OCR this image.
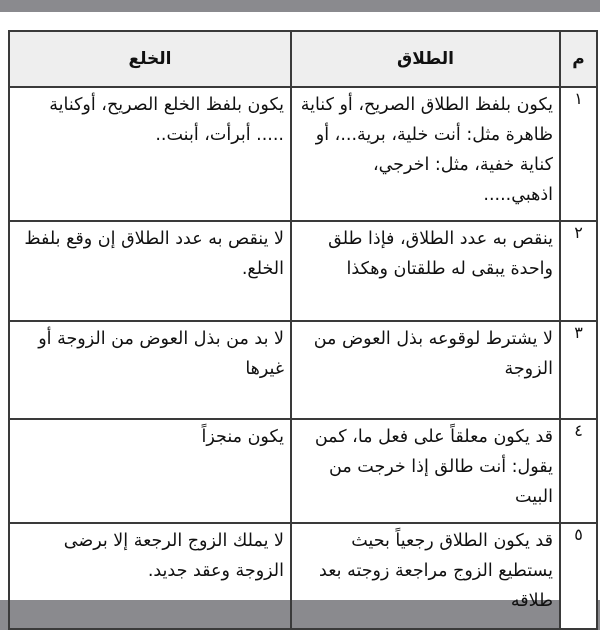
م	الطلاق	الخلع
١	يكون بلفظ الطلاق الصريح، أو كناية ظاهرة مثل: أنت خلية، برية...، أو كناية خفية، مثل: اخرجي، اذهبي.....	يكون بلفظ الخلع الصريح، أوكناية ..... أبرأت، أبنت..
٢	ينقص به عدد الطلاق، فإذا طلق واحدة يبقى له طلقتان وهكذا	لا ينقص به عدد الطلاق إن وقع بلفظ الخلع.
٣	لا يشترط لوقوعه بذل العوض من الزوجة	لا بد من بذل العوض من الزوجة أو غيرها
٤	قد يكون معلقاً على فعل ما، كمن يقول: أنت طالق إذا خرجت من البيت	يكون منجزاً
٥	قد يكون الطلاق رجعياً بحيث يستطيع الزوج مراجعة زوجته بعد طلاقه	لا يملك الزوج الرجعة إلا برضى الزوجة وعقد جديد.
